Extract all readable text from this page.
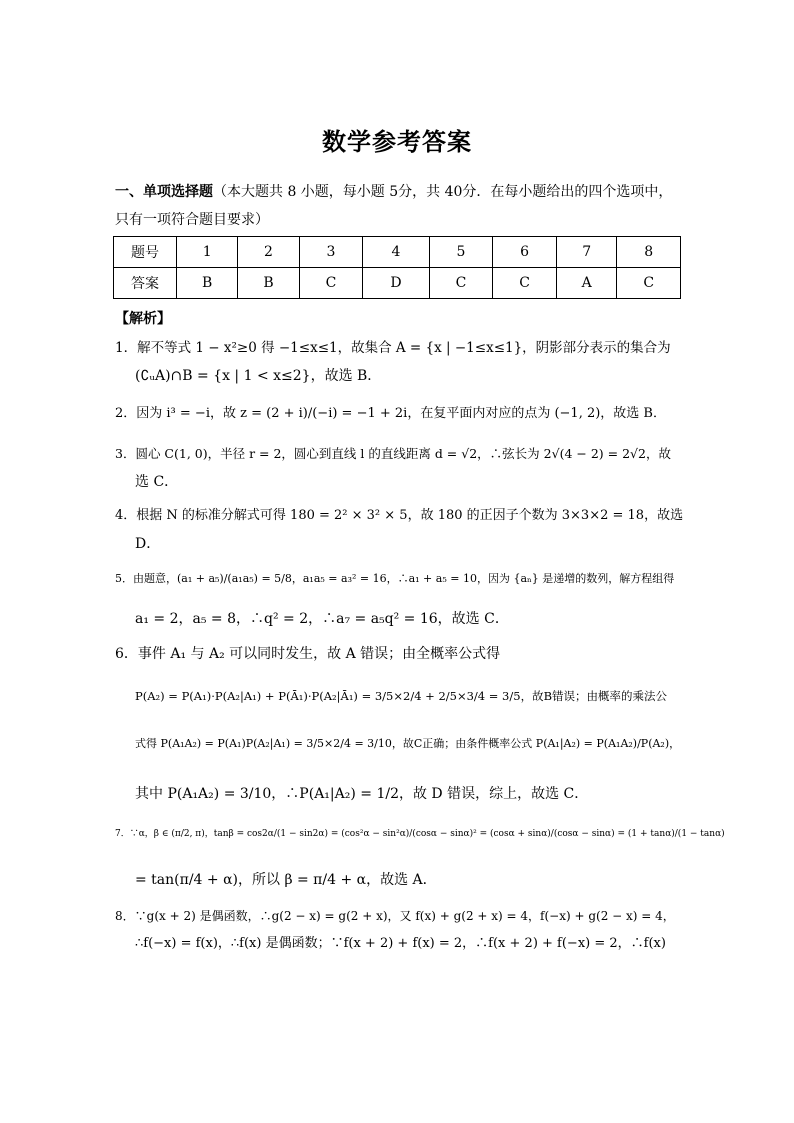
数学参考答案
一、单项选择题（本大题共 8 小题，每小题 5分，共 40分．在每小题给出的四个选项中，只有一项符合题目要求）
题号	1	2	3	4	5	6	7	8
答案	B	B	C	D	C	C	A	C
【解析】
1．解不等式 1 − x²≥0 得 −1≤x≤1，故集合 A = {x | −1≤x≤1}，阴影部分表示的集合为
(∁ᵤA)∩B = {x | 1 < x≤2}，故选 B．
2．因为 i³ = −i，故 z = (2 + i)/(−i) = −1 + 2i，在复平面内对应的点为 (−1, 2)，故选 B．
3．圆心 C(1, 0)，半径 r = 2，圆心到直线 l 的直线距离 d = √2，∴弦长为 2√(4 − 2) = 2√2，故
选 C．
4．根据 N 的标准分解式可得 180 = 2² × 3² × 5，故 180 的正因子个数为 3×3×2 = 18，故选
D．
5．由题意，(a₁ + a₅)/(a₁a₅) = 5/8，a₁a₅ = a₃² = 16，∴a₁ + a₅ = 10，因为 {aₙ} 是递增的数列，解方程组得
a₁ = 2，a₅ = 8，∴q² = 2，∴a₇ = a₅q² = 16，故选 C．
6．事件 A₁ 与 A₂ 可以同时发生，故 A 错误；由全概率公式得
P(A₂) = P(A₁)·P(A₂|A₁) + P(Ā₁)·P(A₂|Ā₁) = 3/5×2/4 + 2/5×3/4 = 3/5，故B错误；由概率的乘法公
式得 P(A₁A₂) = P(A₁)P(A₂|A₁) = 3/5×2/4 = 3/10，故C正确；由条件概率公式 P(A₁|A₂) = P(A₁A₂)/P(A₂)，
其中 P(A₁A₂) = 3/10，∴P(A₁|A₂) = 1/2，故 D 错误，综上，故选 C．
7．∵α，β ∈ (π/2, π)，tanβ = cos2α/(1 − sin2α) = (cos²α − sin²α)/(cosα − sinα)² = (cosα + sinα)/(cosα − sinα) = (1 + tanα)/(1 − tanα)
= tan(π/4 + α)，所以 β = π/4 + α，故选 A．
8．∵g(x + 2) 是偶函数，∴g(2 − x) = g(2 + x)，又 f(x) + g(2 + x) = 4，f(−x) + g(2 − x) = 4，
∴f(−x) = f(x)，∴f(x) 是偶函数；∵f(x + 2) + f(x) = 2，∴f(x + 2) + f(−x) = 2，∴f(x)
